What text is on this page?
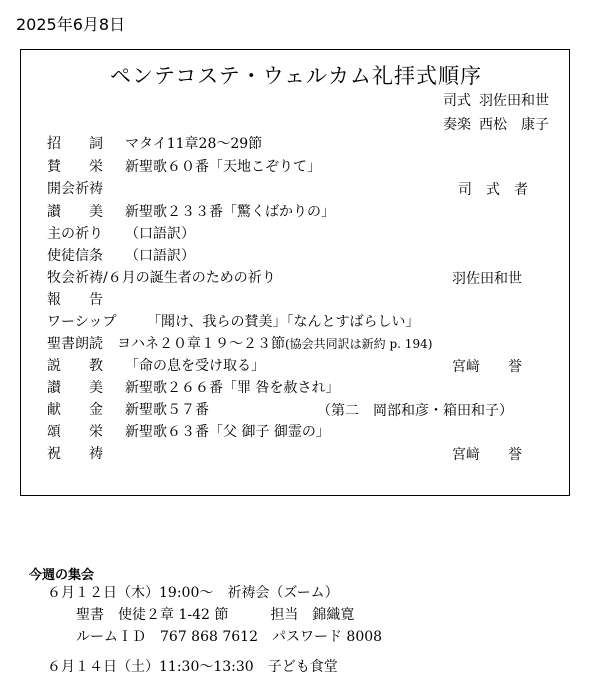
2025年6月8日
ペンテコステ・ウェルカム礼拝式順序
司式 羽佐田和世
奏楽 西松　康子
招　　詞 マタイ11章28～29節
賛　　栄 新聖歌６０番「天地こぞりて」
開会祈祷	司　式　者
讃　　美 新聖歌２３３番「驚くばかりの」
主の祈り （口語訳）
使徒信条 （口語訳）
牧会祈祷/６月の誕生者のための祈り	羽佐田和世
報　　告
ワーシップ 「聞け、我らの賛美」「なんとすばらしい」
聖書朗読 ヨハネ２０章１９～２３節(協会共同訳は新約 p. 194)
説　　教 「命の息を受け取る」	宮﨑　　誉
讃　　美 新聖歌２６６番「罪 咎を赦され」
献　　金 新聖歌５７番	（第二　岡部和彦・箱田和子）
頌　　栄 新聖歌６３番「父 御子 御霊の」
祝　　祷	宮﨑　　誉
今週の集会
６月１２日（木）19:00～　祈祷会（ズーム）
聖書　使徒２章 1-42 節　　　担当　錦織寛
ルームＩＤ　767 868 7612　パスワード 8008
６月１４日（土）11:30～13:30　子ども食堂
